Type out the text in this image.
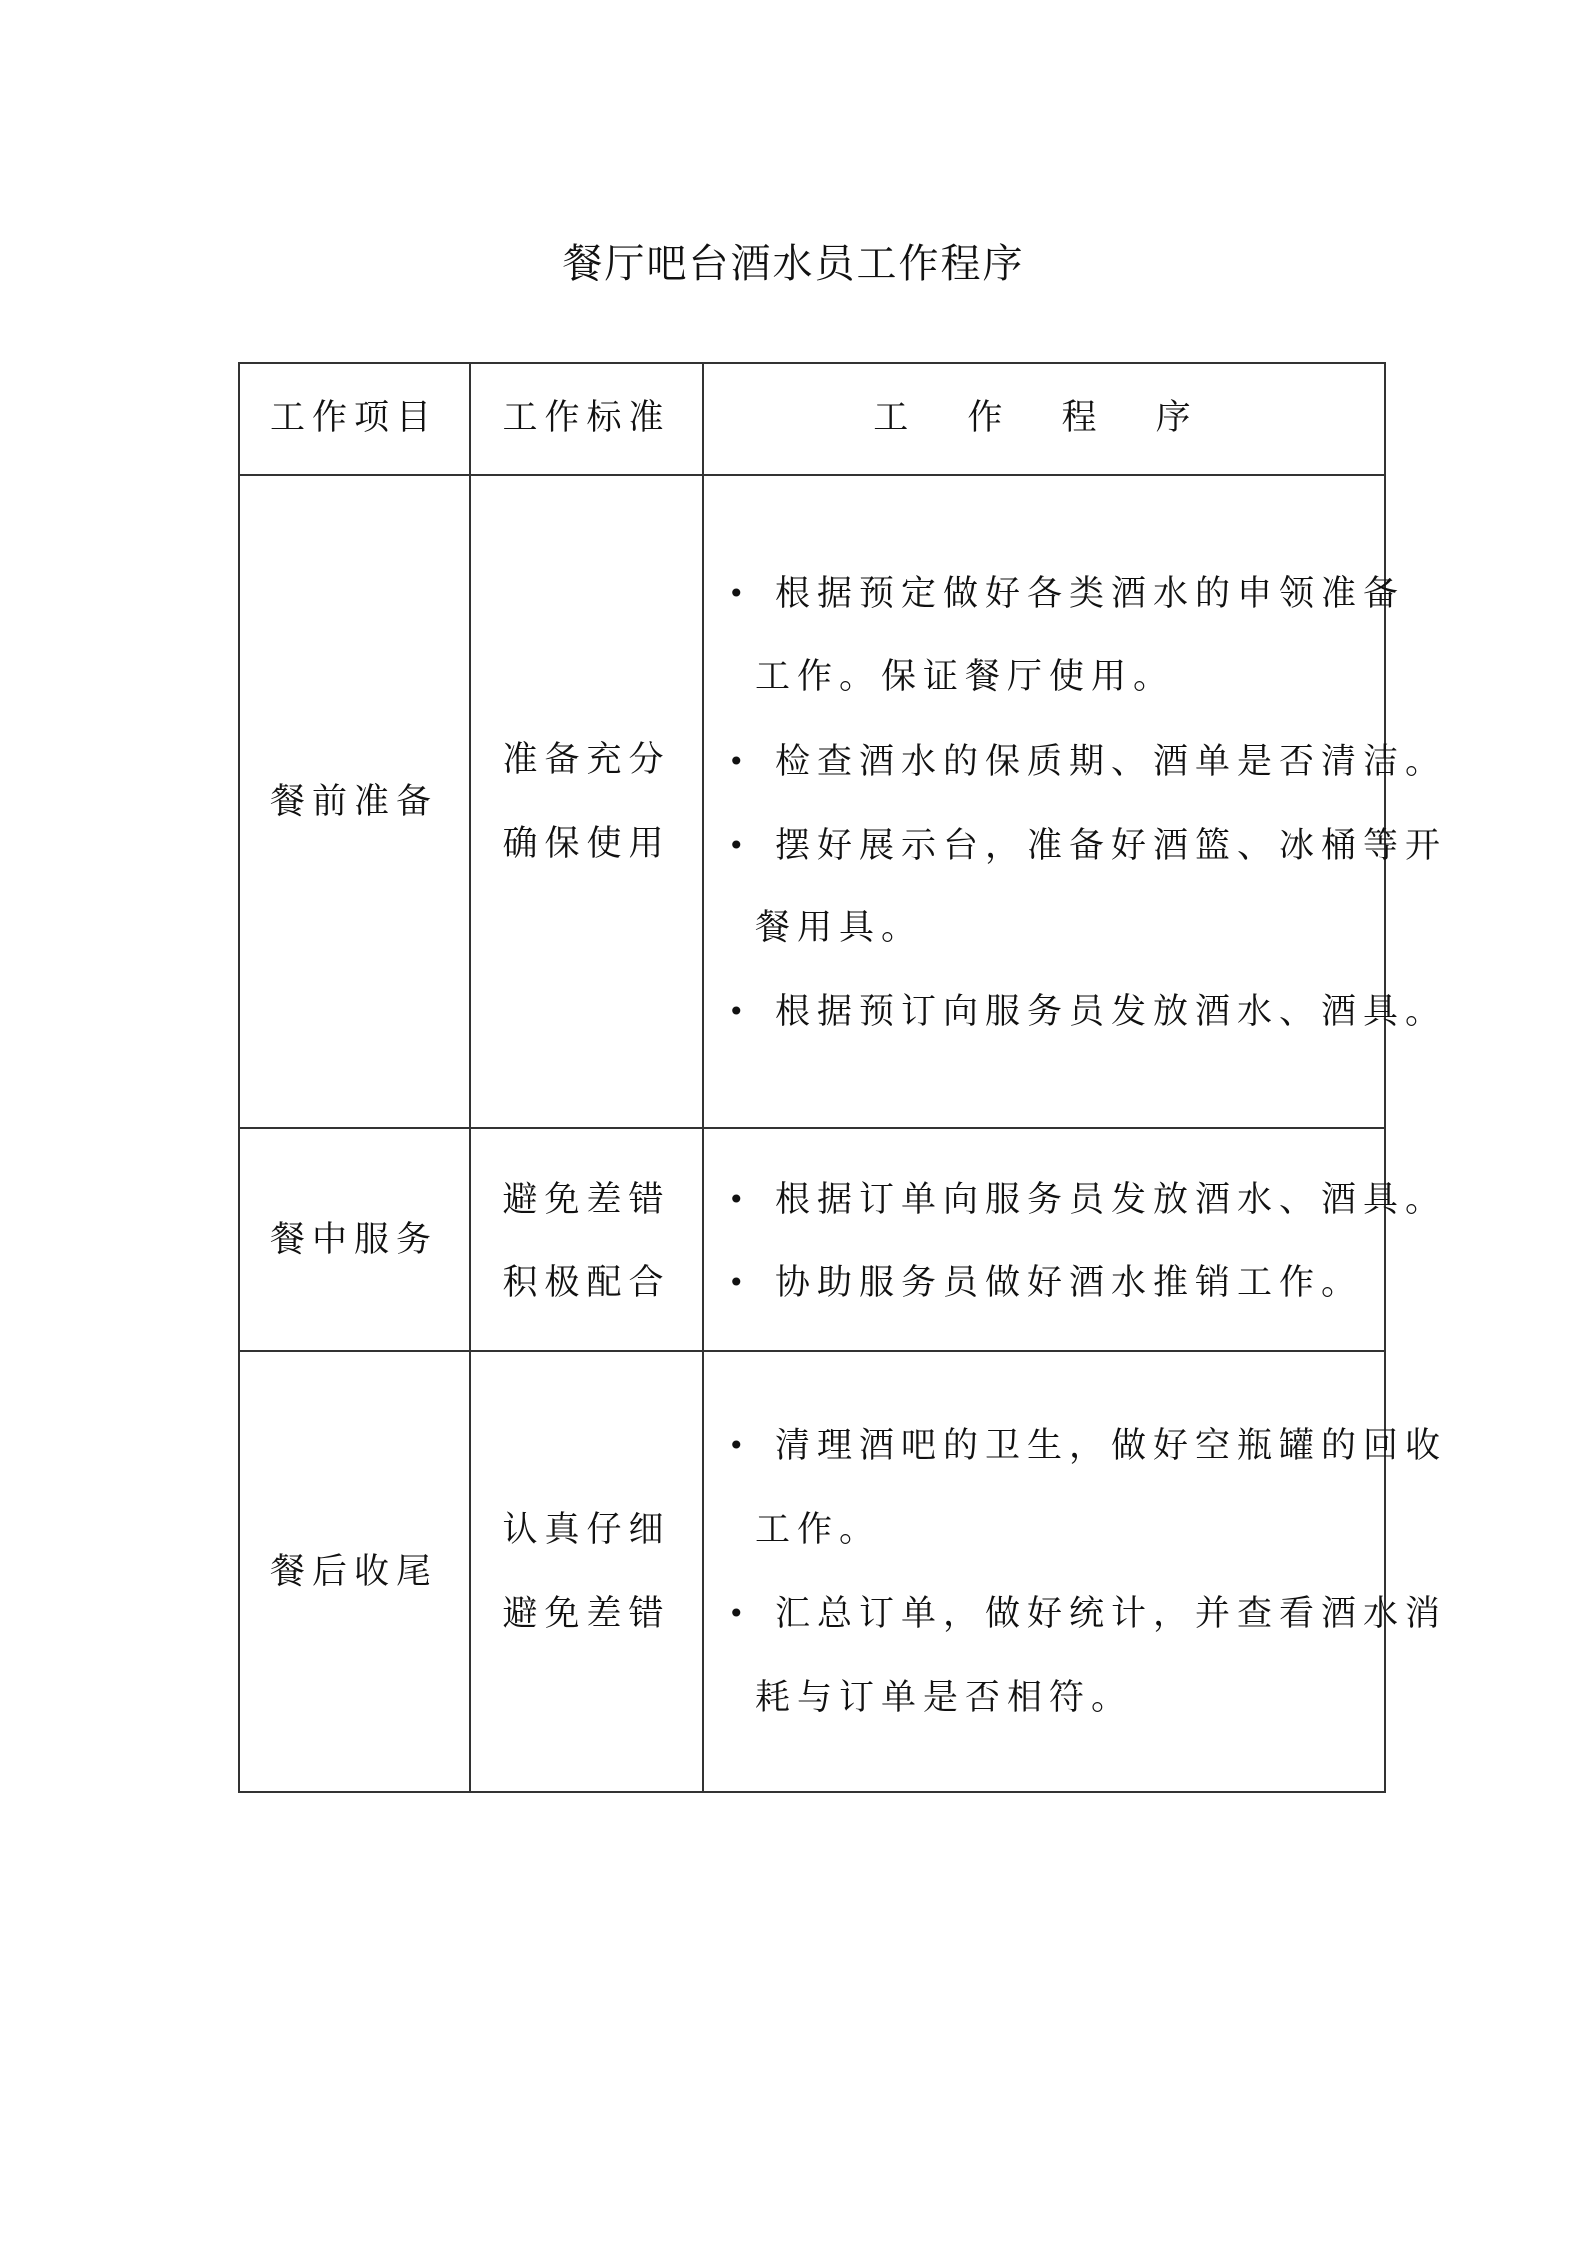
餐厅吧台酒水员工作程序
工作项目	工作标准	工 作 程 序
餐前准备
准备充分
确保使用
• 根据预定做好各类酒水的申领准备
工作。保证餐厅使用。
• 检查酒水的保质期、酒单是否清洁。
• 摆好展示台，准备好酒篮、冰桶等开
餐用具。
• 根据预订向服务员发放酒水、酒具。
餐中服务
避免差错
积极配合
• 根据订单向服务员发放酒水、酒具。
• 协助服务员做好酒水推销工作。
餐后收尾
认真仔细
避免差错
• 清理酒吧的卫生，做好空瓶罐的回收
工作。
• 汇总订单，做好统计，并查看酒水消
耗与订单是否相符。
